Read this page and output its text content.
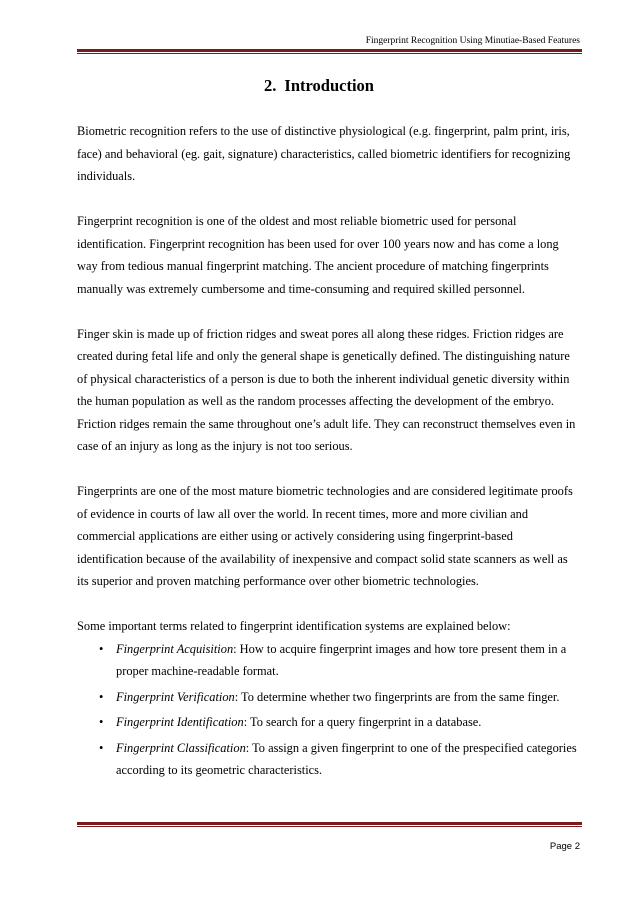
Fingerprint Recognition Using Minutiae-Based Features
2. Introduction

Biometric recognition refers to the use of distinctive physiological (e.g. fingerprint, palm print, iris, face) and behavioral (eg. gait, signature) characteristics, called biometric identifiers for recognizing individuals.

Fingerprint recognition is one of the oldest and most reliable biometric used for personal identification. Fingerprint recognition has been used for over 100 years now and has come a long way from tedious manual fingerprint matching. The ancient procedure of matching fingerprints manually was extremely cumbersome and time-consuming and required skilled personnel.

Finger skin is made up of friction ridges and sweat pores all along these ridges. Friction ridges are created during fetal life and only the general shape is genetically defined. The distinguishing nature of physical characteristics of a person is due to both the inherent individual genetic diversity within the human population as well as the random processes affecting the development of the embryo. Friction ridges remain the same throughout one’s adult life. They can reconstruct themselves even in case of an injury as long as the injury is not too serious.

Fingerprints are one of the most mature biometric technologies and are considered legitimate proofs of evidence in courts of law all over the world. In recent times, more and more civilian and commercial applications are either using or actively considering using fingerprint-based identification because of the availability of inexpensive and compact solid state scanners as well as its superior and proven matching performance over other biometric technologies.

Some important terms related to fingerprint identification systems are explained below:

• Fingerprint Acquisition: How to acquire fingerprint images and how tore present them in a proper machine-readable format.
• Fingerprint Verification: To determine whether two fingerprints are from the same finger.
• Fingerprint Identification: To search for a query fingerprint in a database.
• Fingerprint Classification: To assign a given fingerprint to one of the prespecified categories according to its geometric characteristics.
Page 2
